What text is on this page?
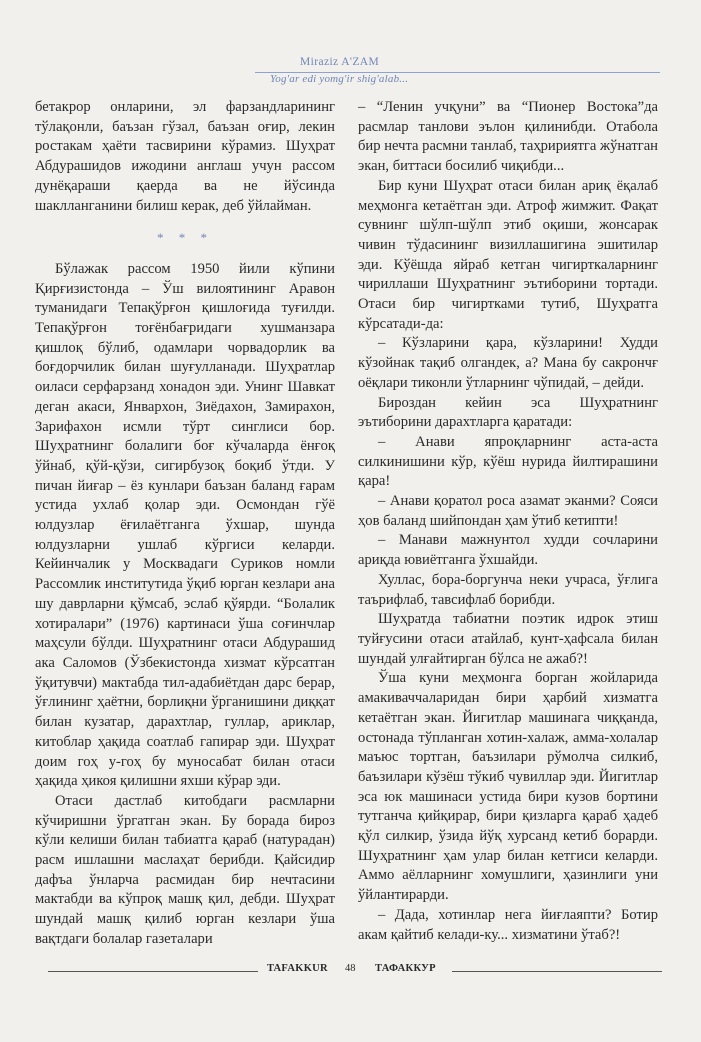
Miraziz A'ZAM
Yog'ar edi yomg'ir shig'alab...

бетакрор онларини, эл фарзандларининг тўлақонли, баъзан гўзал, баъзан оғир, лекин ростакам ҳаёти тасвирини кўрамиз. Шуҳрат Абдурашидов ижодини англаш учун рассом дунёқараши қаерда ва не йўсинда шаклланганини билиш керак, деб ўйлайман.

* * *

Бўлажак рассом 1950 йили кўпини Қирғизистонда – Ўш вилоятининг Аравон туманидаги Тепақўрғон қишлоғида туғилди. Тепақўрғон тоғёнбағридаги хушманзара қишлоқ бўлиб, одамлари чорвадорлик ва боғдорчилик билан шуғулланади. Шуҳратлар оиласи серфарзанд хонадон эди. Унинг Шавкат деган акаси, Январхон, Зиёдахон, Замирахон, Зарифахон исмли тўрт синглиси бор. Шуҳратнинг болалиги боғ кўчаларда ёнғоқ ўйнаб, қўй-қўзи, сигирбузоқ боқиб ўтди. У пичан йиғар – ёз кунлари баъзан баланд ғарам устида ухлаб қолар эди. Осмондан гўё юлдузлар ёғилаётганга ўхшар, шунда юлдузларни ушлаб кўргиси келарди. Кейинчалик у Москвадаги Суриков номли Рассомлик институтида ўқиб юрган кезлари ана шу даврларни қўмсаб, эслаб қўярди. “Болалик хотиралари” (1976) картинаси ўша соғинчлар маҳсули бўлди. Шуҳратнинг отаси Абдурашид ака Саломов (Ўзбекистонда хизмат кўрсатган ўқитувчи) мактабда тил-адабиётдан дарс берар, ўғлининг ҳаётни, борлиқни ўрганишини диққат билан кузатар, дарахтлар, гуллар, ариклар, китоблар ҳақида соатлаб гапирар эди. Шуҳрат доим гоҳ у-гоҳ бу муносабат билан отаси ҳақида ҳикоя қилишни яхши кўрар эди.

Отаси дастлаб китобдаги расмларни кўчиришни ўргатган экан. Бу борада бироз кўли келиши билан табиатга қараб (натурадан) расм ишлашни маслаҳат берибди. Қайсидир дафъа ўнларча расмидан бир нечтасини мактабди ва кўпроқ машқ қил, дебди. Шуҳрат шундай машқ қилиб юрган кезлари ўша вақтдаги болалар газеталари

– “Ленин учқуни” ва “Пионер Востока”да расмлар танлови эълон қилинибди. Отабола бир нечта расмни танлаб, таҳририятга жўнатган экан, биттаси босилиб чиқибди...

Бир куни Шуҳрат отаси билан ариқ ёқалаб меҳмонга кетаётган эди. Атроф жимжит. Фақат сувнинг шўлп-шўлп этиб оқиши, жонсарак чивин тўдасининг визиллашигина эшитилар эди. Кўёшда яйраб кетган чигирткаларнинг чириллаши Шуҳратнинг эътиборини тортади. Отаси бир чигиртками тутиб, Шуҳратга кўрсатади-да:

– Кўзларини қара, кўзларини! Худди кўзойнак тақиб олгандек, а? Мана бу сакрончғ оёқлари тиконли ўтларнинг чўпидай, – дейди.

Бироздан кейин эса Шуҳратнинг эътиборини дарахтларга қаратади:

– Анави япроқларнинг аста-аста силкинишини кўр, кўёш нурида йилтирашини қара!

– Анави қоратол роса азамат эканми? Сояси ҳов баланд шийпондан ҳам ўтиб кетипти!

– Манави мажнунтол худди сочларини ариқда ювиётганга ўхшайди.

Хуллас, бора-боргунча неки учраса, ўғлига таърифлаб, тавсифлаб борибди.

Шуҳратда табиатни поэтик идрок этиш туйғусини отаси атайлаб, кунт-ҳафсала билан шундай улғайтирган бўлса не ажаб?!

Ўша куни меҳмонга борган жойларида амакиваччаларидан бири ҳарбий хизматга кетаётган экан. Йигитлар машинага чиққанда, остонада тўпланган хотин-халаж, амма-холалар маъюс тортган, баъзилари рўмолча силкиб, баъзилари кўзёш тўкиб чувиллар эди. Йигитлар эса юк машинаси устида бири кузов бортини тутганча қийқирар, бири қизларга қараб ҳадеб қўл силкир, ўзида йўқ хурсанд кетиб борарди. Шуҳратнинг ҳам улар билан кетгиси келарди. Аммо аёлларнинг хомушлиги, ҳазинлиги уни ўйлантирарди.

– Дада, хотинлар нега йиғлаяпти? Ботир акам қайтиб келади-ку... хизматини ўтаб?!

TAFAKKUR 48 ТАФАККУР
